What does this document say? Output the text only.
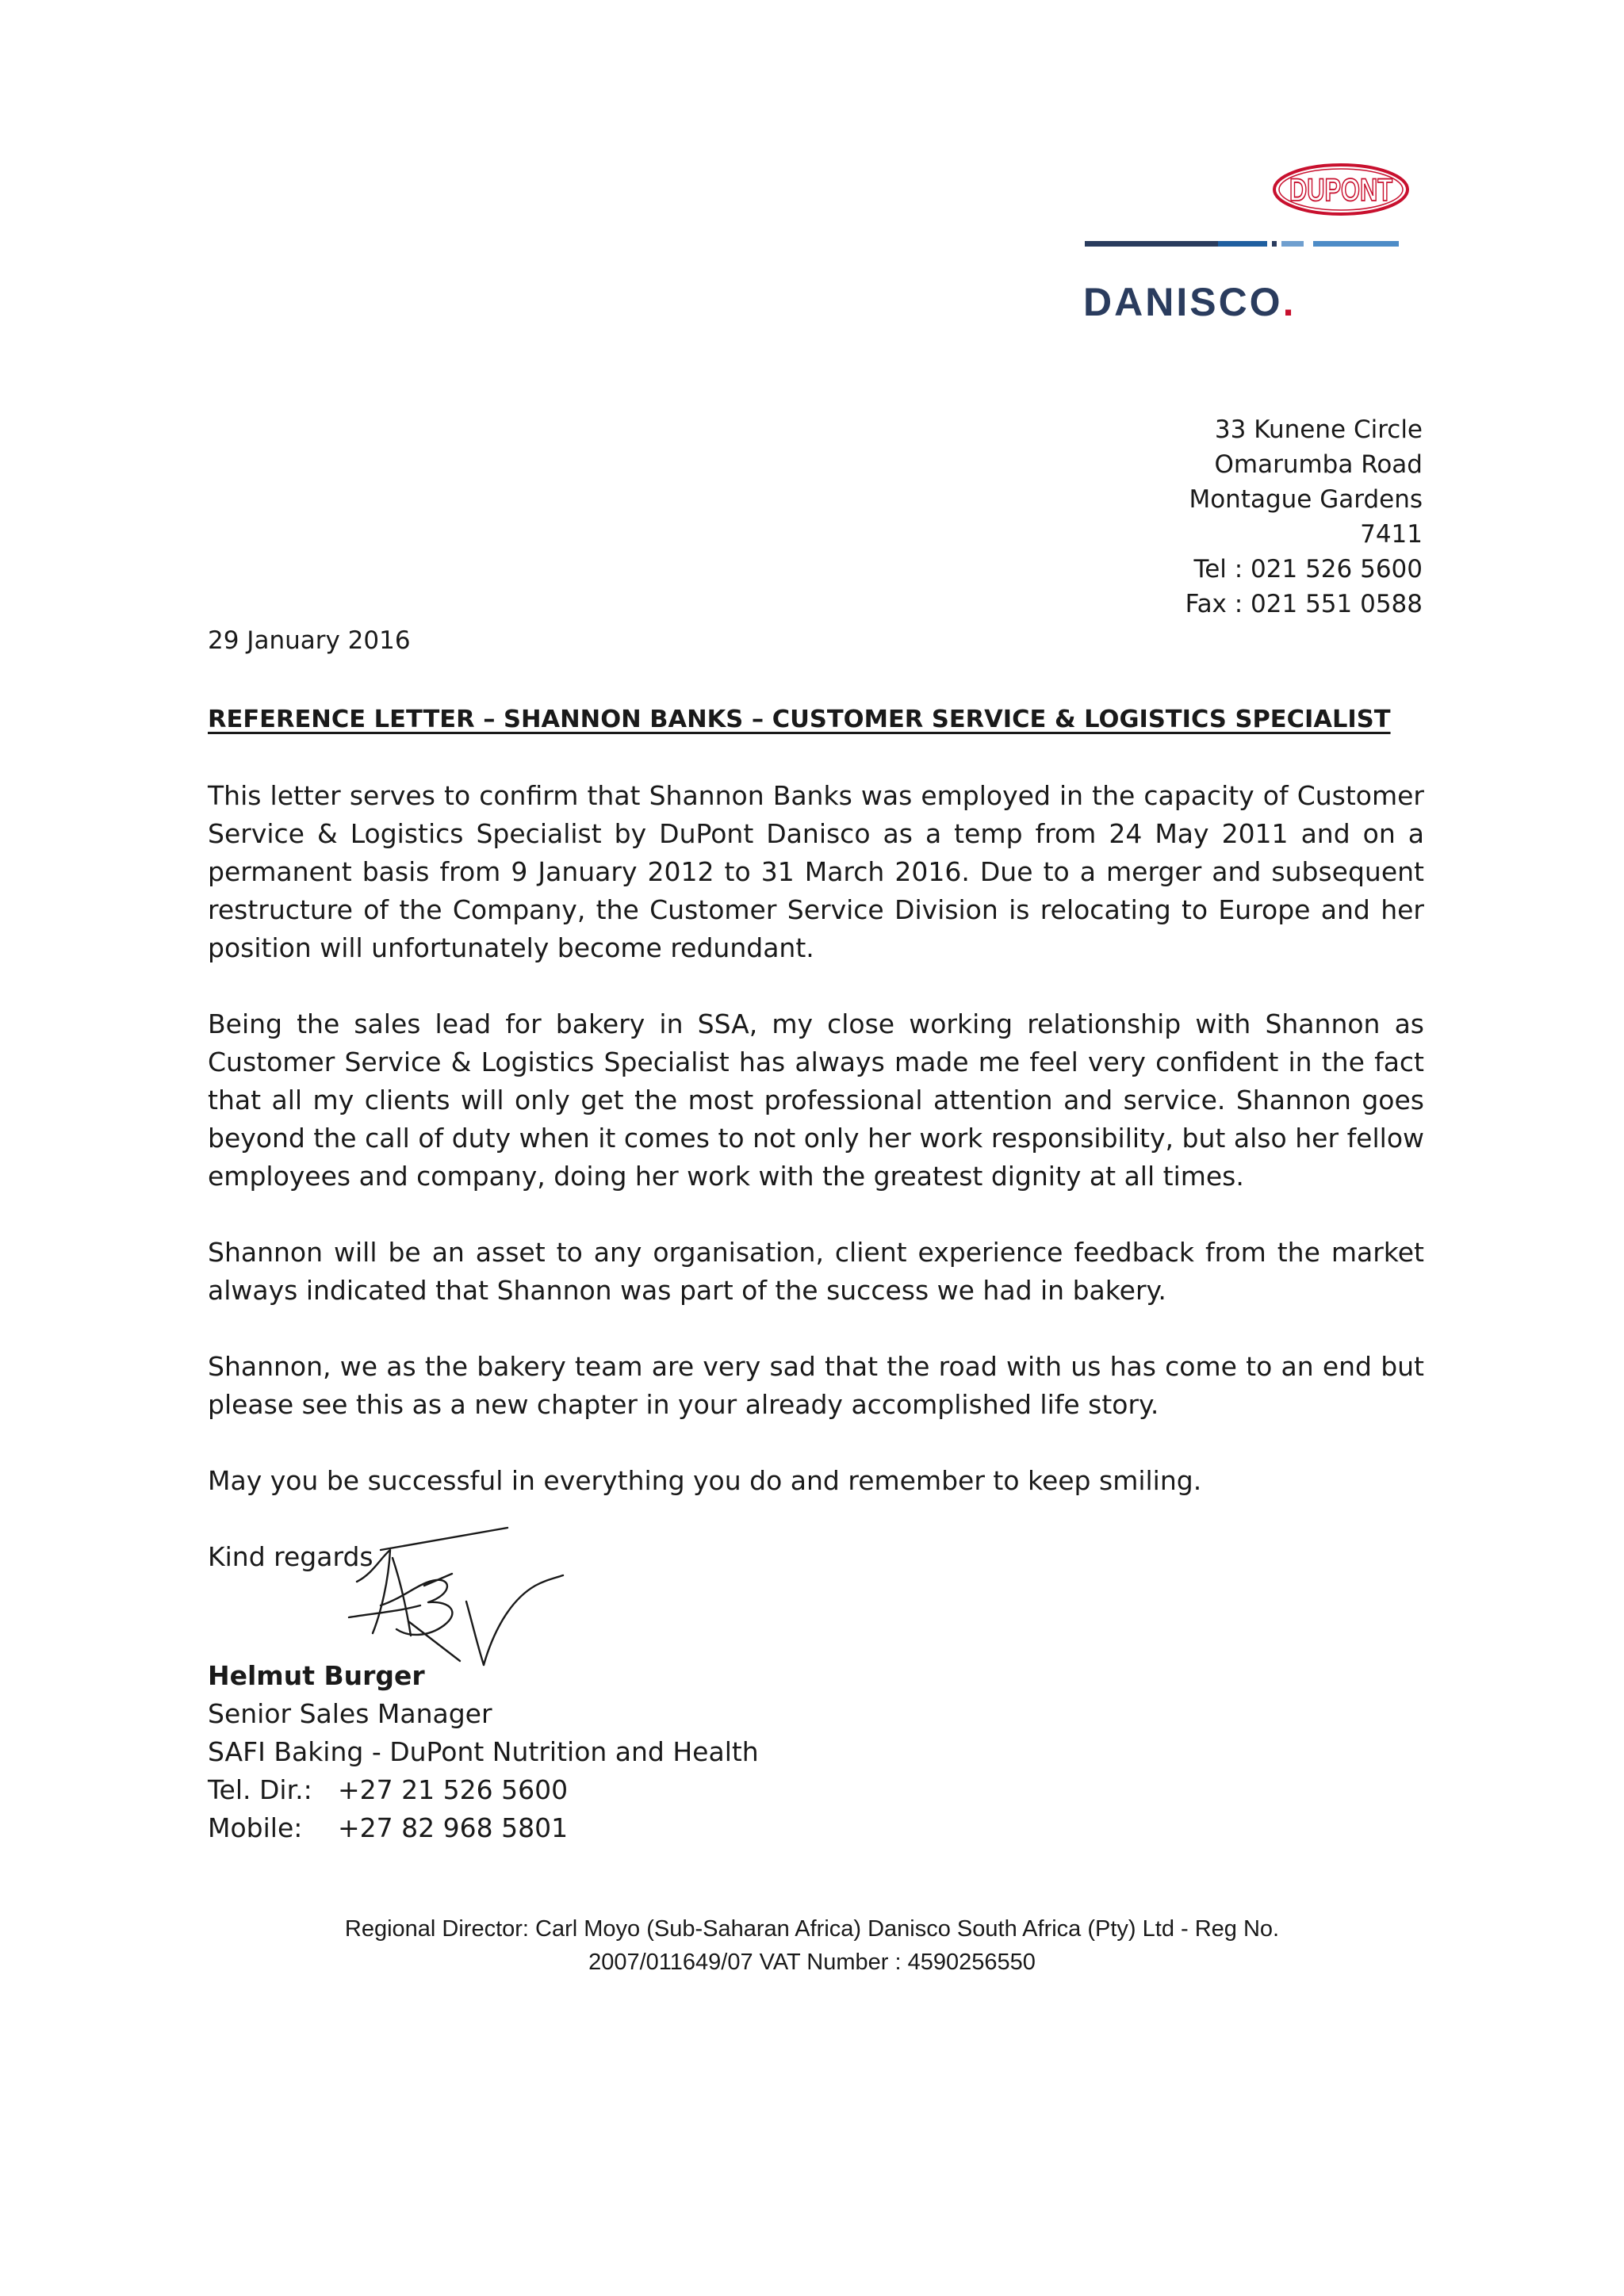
DUPONT
DANISCO.
33 Kunene Circle
Omarumba Road
Montague Gardens
7411
Tel : 021 526 5600
Fax : 021 551 0588
29 January 2016
REFERENCE LETTER – SHANNON BANKS – CUSTOMER SERVICE & LOGISTICS SPECIALIST

This letter serves to confirm that Shannon Banks was employed in the capacity of Customer Service & Logistics Specialist by DuPont Danisco as a temp from 24 May 2011 and on a permanent basis from 9 January 2012 to 31 March 2016. Due to a merger and subsequent restructure of the Company, the Customer Service Division is relocating to Europe and her position will unfortunately become redundant.

Being the sales lead for bakery in SSA, my close working relationship with Shannon as Customer Service & Logistics Specialist has always made me feel very confident in the fact that all my clients will only get the most professional attention and service. Shannon goes beyond the call of duty when it comes to not only her work responsibility, but also her fellow employees and company, doing her work with the greatest dignity at all times.

Shannon will be an asset to any organisation, client experience feedback from the market always indicated that Shannon was part of the success we had in bakery.

Shannon, we as the bakery team are very sad that the road with us has come to an end but please see this as a new chapter in your already accomplished life story.

May you be successful in everything you do and remember to keep smiling.

Kind regards
Helmut Burger
Senior Sales Manager
SAFI Baking - DuPont Nutrition and Health
Tel. Dir.: +27 21 526 5600
Mobile: +27 82 968 5801
Regional Director: Carl Moyo (Sub-Saharan Africa) Danisco South Africa (Pty) Ltd - Reg No.
2007/011649/07 VAT Number : 4590256550
